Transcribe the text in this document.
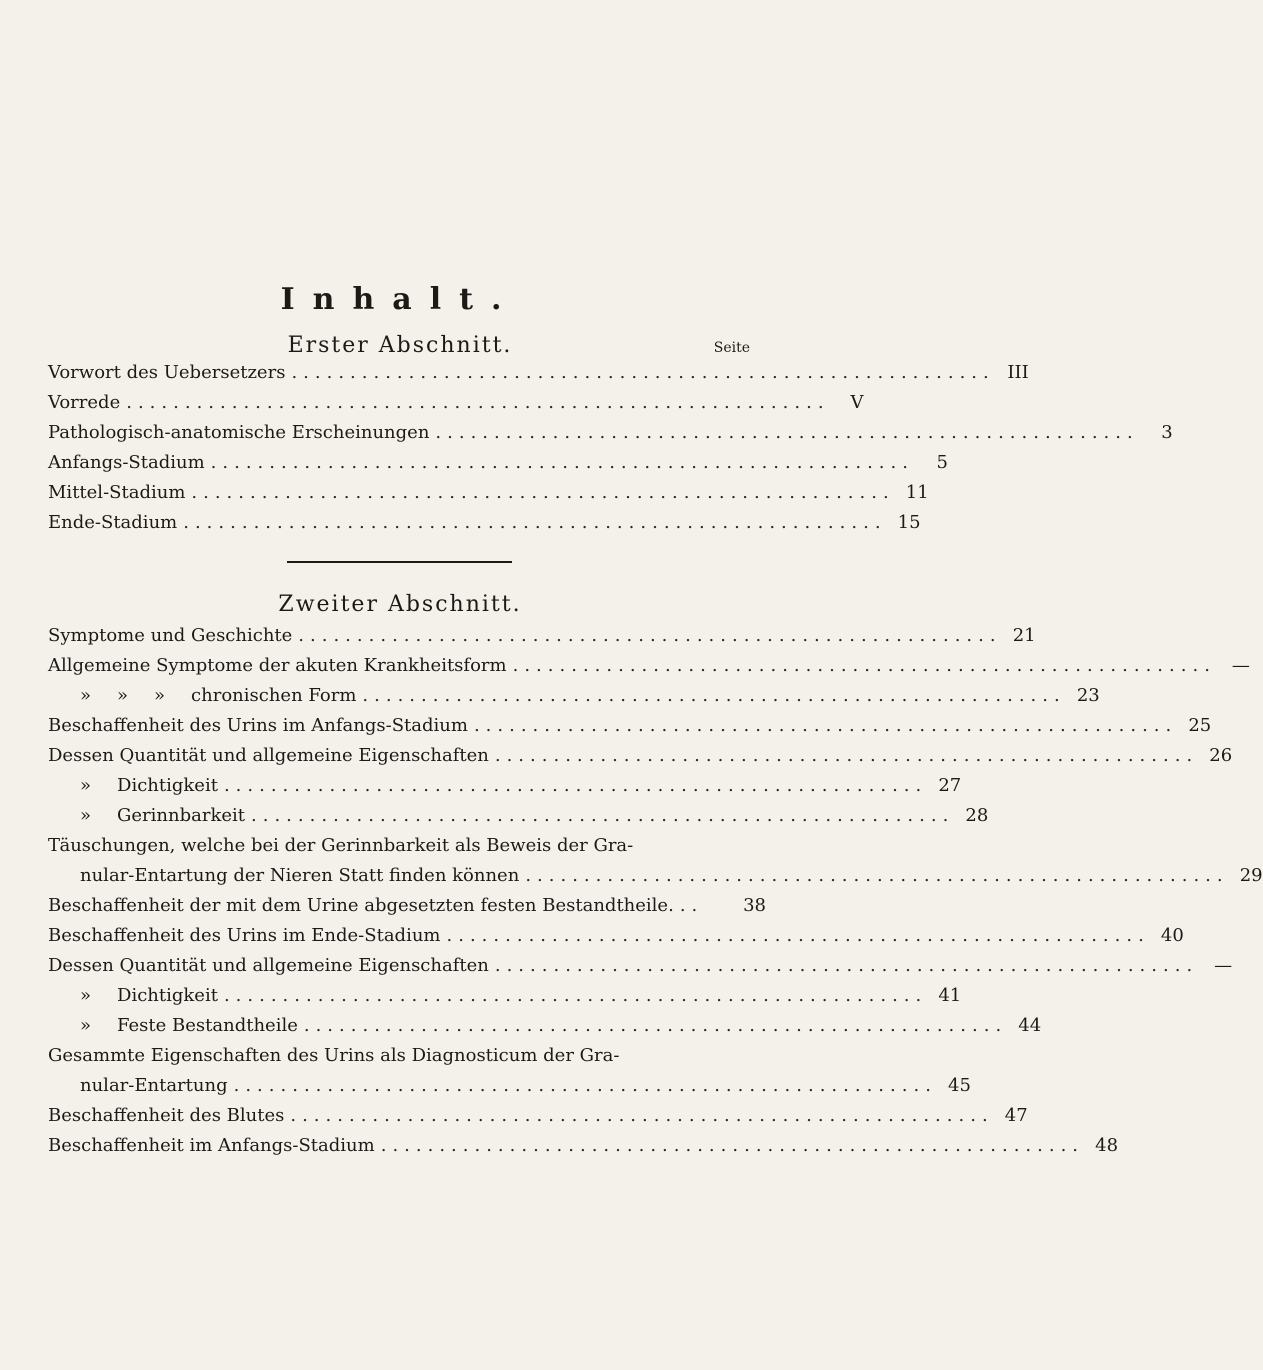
Inhalt.
Erster Abschnitt.	Seite
Vorwort des Uebersetzers ............................................................ III
Vorrede ............................................................	V
Pathologisch-anatomische Erscheinungen ............................................................	3
Anfangs-Stadium ............................................................	5
Mittel-Stadium ............................................................ 11
Ende-Stadium ............................................................ 15
Zweiter Abschnitt.
Symptome und Geschichte ............................................................ 21
Allgemeine Symptome der akuten Krankheitsform ............................................................ —
» » » chronischen Form ............................................................ 23
Beschaffenheit des Urins im Anfangs-Stadium ............................................................ 25
Dessen Quantität und allgemeine Eigenschaften ............................................................ 26
» Dichtigkeit ............................................................ 27
» Gerinnbarkeit ............................................................ 28
Täuschungen, welche bei der Gerinnbarkeit als Beweis der Gra-
nular-Entartung der Nieren Statt finden können ............................................................ 29
Beschaffenheit der mit dem Urine abgesetzten festen Bestandtheile. ..	38
Beschaffenheit des Urins im Ende-Stadium ............................................................ 40
Dessen Quantität und allgemeine Eigenschaften ............................................................ —
» Dichtigkeit ............................................................ 41
» Feste Bestandtheile ............................................................ 44
Gesammte Eigenschaften des Urins als Diagnosticum der Gra-
nular-Entartung ............................................................ 45
Beschaffenheit des Blutes ............................................................ 47
Beschaffenheit im Anfangs-Stadium ............................................................ 48
